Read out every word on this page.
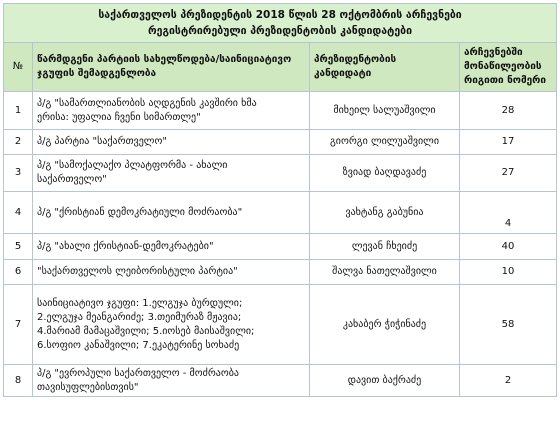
საქართველოს პრეზიდენტის 2018 წლის 28 ოქტომბრის არჩევნები
რეგისტრირებული პრეზიდენტობის კანდიდატები			

№	წარმდგენი პარტიის სახელწოდება/საინიციატივო ჯგუფის შემადგენლობა	პრეზიდენტობის კანდიდატი	არჩევნებში მონაწილეობის რიგითი ნომერი
1	პ/გ "სამართლიანობის აღდგენის კავშირი ხმა
ერისა: უფალია ჩვენი სიმართლე"	მიხეილ სალუაშვილი	28
2	პ/გ პარტია "საქართველო"	გიორგი ლილუაშვილი	17
3	პ/გ "სამოქალაქო პლატფორმა - ახალი
საქართველო"	ზვიად ბაღდავაძე	27
4	პ/გ "ქრისტიან დემოკრატიული მოძრაობა"	ვახტანგ გაბუნია	4
5	პ/გ "ახალი ქრისტიან-დემოკრატები"	ლევან ჩხეიძე	40
6	"საქართველოს ლეიბორისტული პარტია"	შალვა ნათელაშვილი	10
7	საინიციატივო ჯგუფი: 1.ელგუჯა ბურდული;
2.ელგუჯა მეანგარიძე; 3.თეიმურაზ მჟავია;
4.მარიამ მამაცაშვილი; 5.იოსებ მაისაშვილი;
6.სოფიო კანაშვილი; 7.ეკატერინე სოხაძე	კახაბერ ჭიჭინაძე	58
8	პ/გ "ევროპული საქართველო - მოძრაობა
თავისუფლებისთვის"	დავით ბაქრაძე	2
